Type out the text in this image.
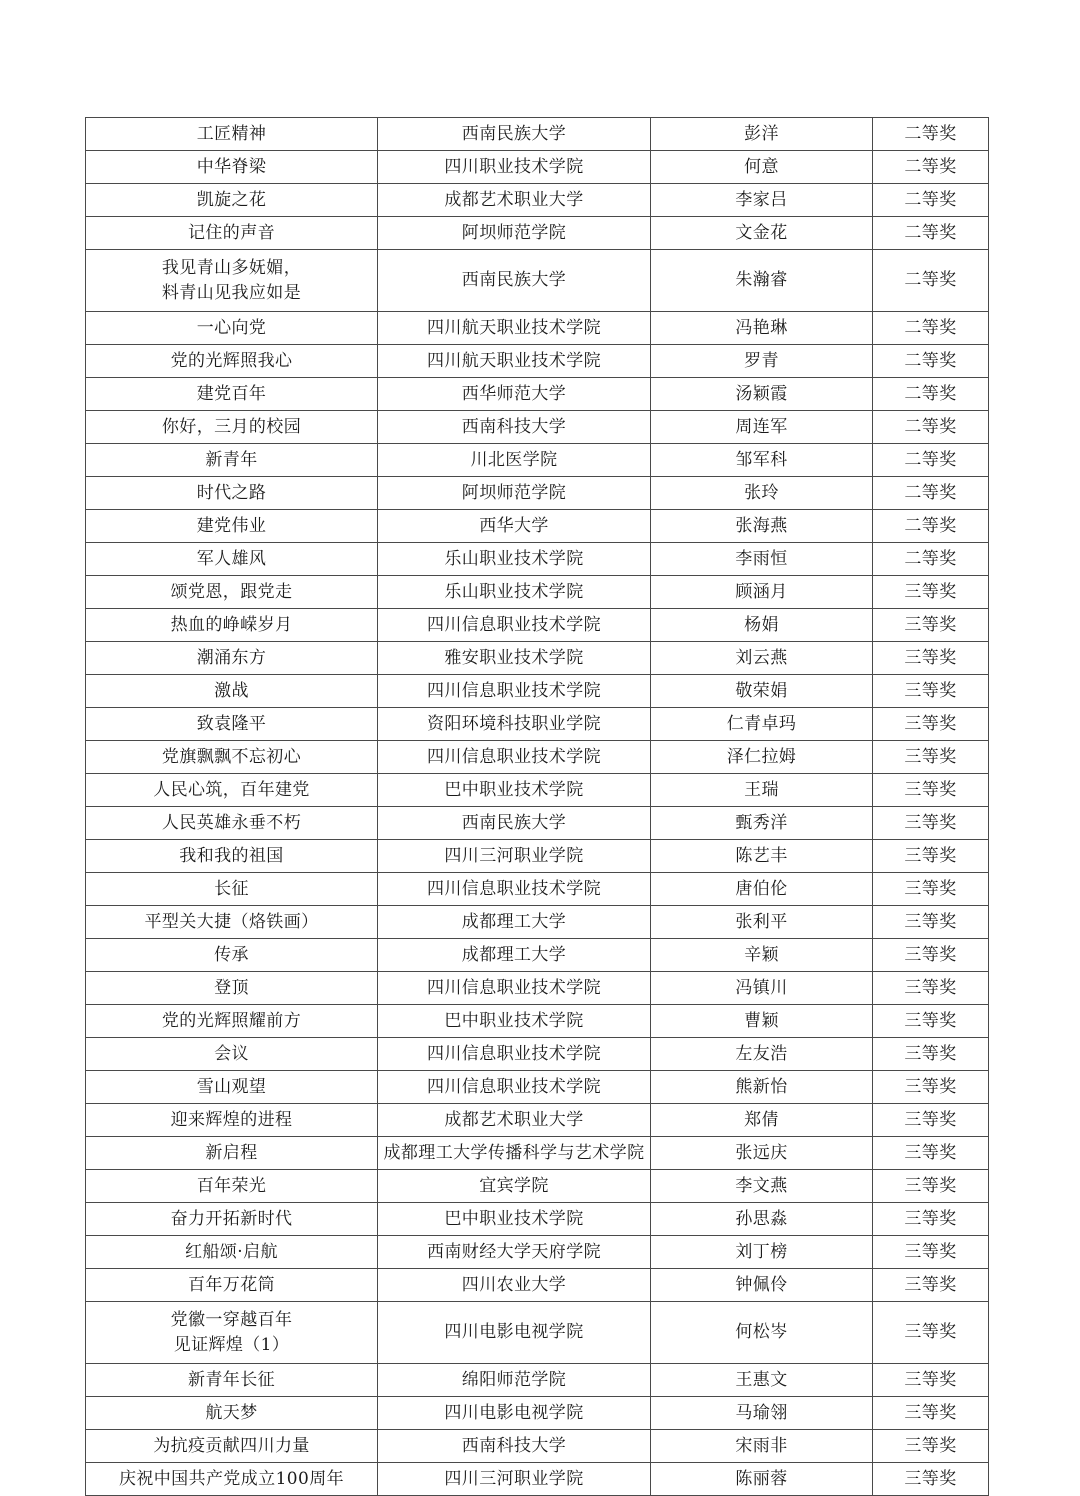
工匠精神	西南民族大学	彭洋	二等奖
中华脊梁	四川职业技术学院	何意	二等奖
凯旋之花	成都艺术职业大学	李家吕	二等奖
记住的声音	阿坝师范学院	文金花	二等奖

我见青山多妩媚，
料青山见我应如是	西南民族大学	朱瀚睿	二等奖
一心向党	四川航天职业技术学院	冯艳琳	二等奖
党的光辉照我心	四川航天职业技术学院	罗青	二等奖
建党百年	西华师范大学	汤颖霞	二等奖
你好，三月的校园	西南科技大学	周连军	二等奖
新青年	川北医学院	邹军科	二等奖
时代之路	阿坝师范学院	张玲	二等奖
建党伟业	西华大学	张海燕	二等奖
军人雄风	乐山职业技术学院	李雨恒	二等奖
颂党恩，跟党走	乐山职业技术学院	顾涵月	三等奖
热血的峥嵘岁月	四川信息职业技术学院	杨娟	三等奖
潮涌东方	雅安职业技术学院	刘云燕	三等奖
激战	四川信息职业技术学院	敬荣娟	三等奖
致袁隆平	资阳环境科技职业学院	仁青卓玛	三等奖
党旗飘飘不忘初心	四川信息职业技术学院	泽仁拉姆	三等奖
人民心筑，百年建党	巴中职业技术学院	王瑞	三等奖
人民英雄永垂不朽	西南民族大学	甄秀洋	三等奖
我和我的祖国	四川三河职业学院	陈艺丰	三等奖
长征	四川信息职业技术学院	唐伯伦	三等奖
平型关大捷（烙铁画）	成都理工大学	张利平	三等奖
传承	成都理工大学	辛颖	三等奖
登顶	四川信息职业技术学院	冯镇川	三等奖
党的光辉照耀前方	巴中职业技术学院	曹颖	三等奖
会议	四川信息职业技术学院	左友浩	三等奖
雪山观望	四川信息职业技术学院	熊新怡	三等奖
迎来辉煌的进程	成都艺术职业大学	郑倩	三等奖
新启程	成都理工大学传播科学与艺术学院	张远庆	三等奖
百年荣光	宜宾学院	李文燕	三等奖
奋力开拓新时代	巴中职业技术学院	孙思淼	三等奖
红船颂·启航	西南财经大学天府学院	刘丁榜	三等奖
百年万花筒	四川农业大学	钟佩伶	三等奖

党徽一穿越百年
见证辉煌（1）	四川电影电视学院	何松岑	三等奖
新青年长征	绵阳师范学院	王惠文	三等奖
航天梦	四川电影电视学院	马瑜翎	三等奖
为抗疫贡献四川力量	西南科技大学	宋雨非	三等奖
庆祝中国共产党成立100周年	四川三河职业学院	陈丽蓉	三等奖
